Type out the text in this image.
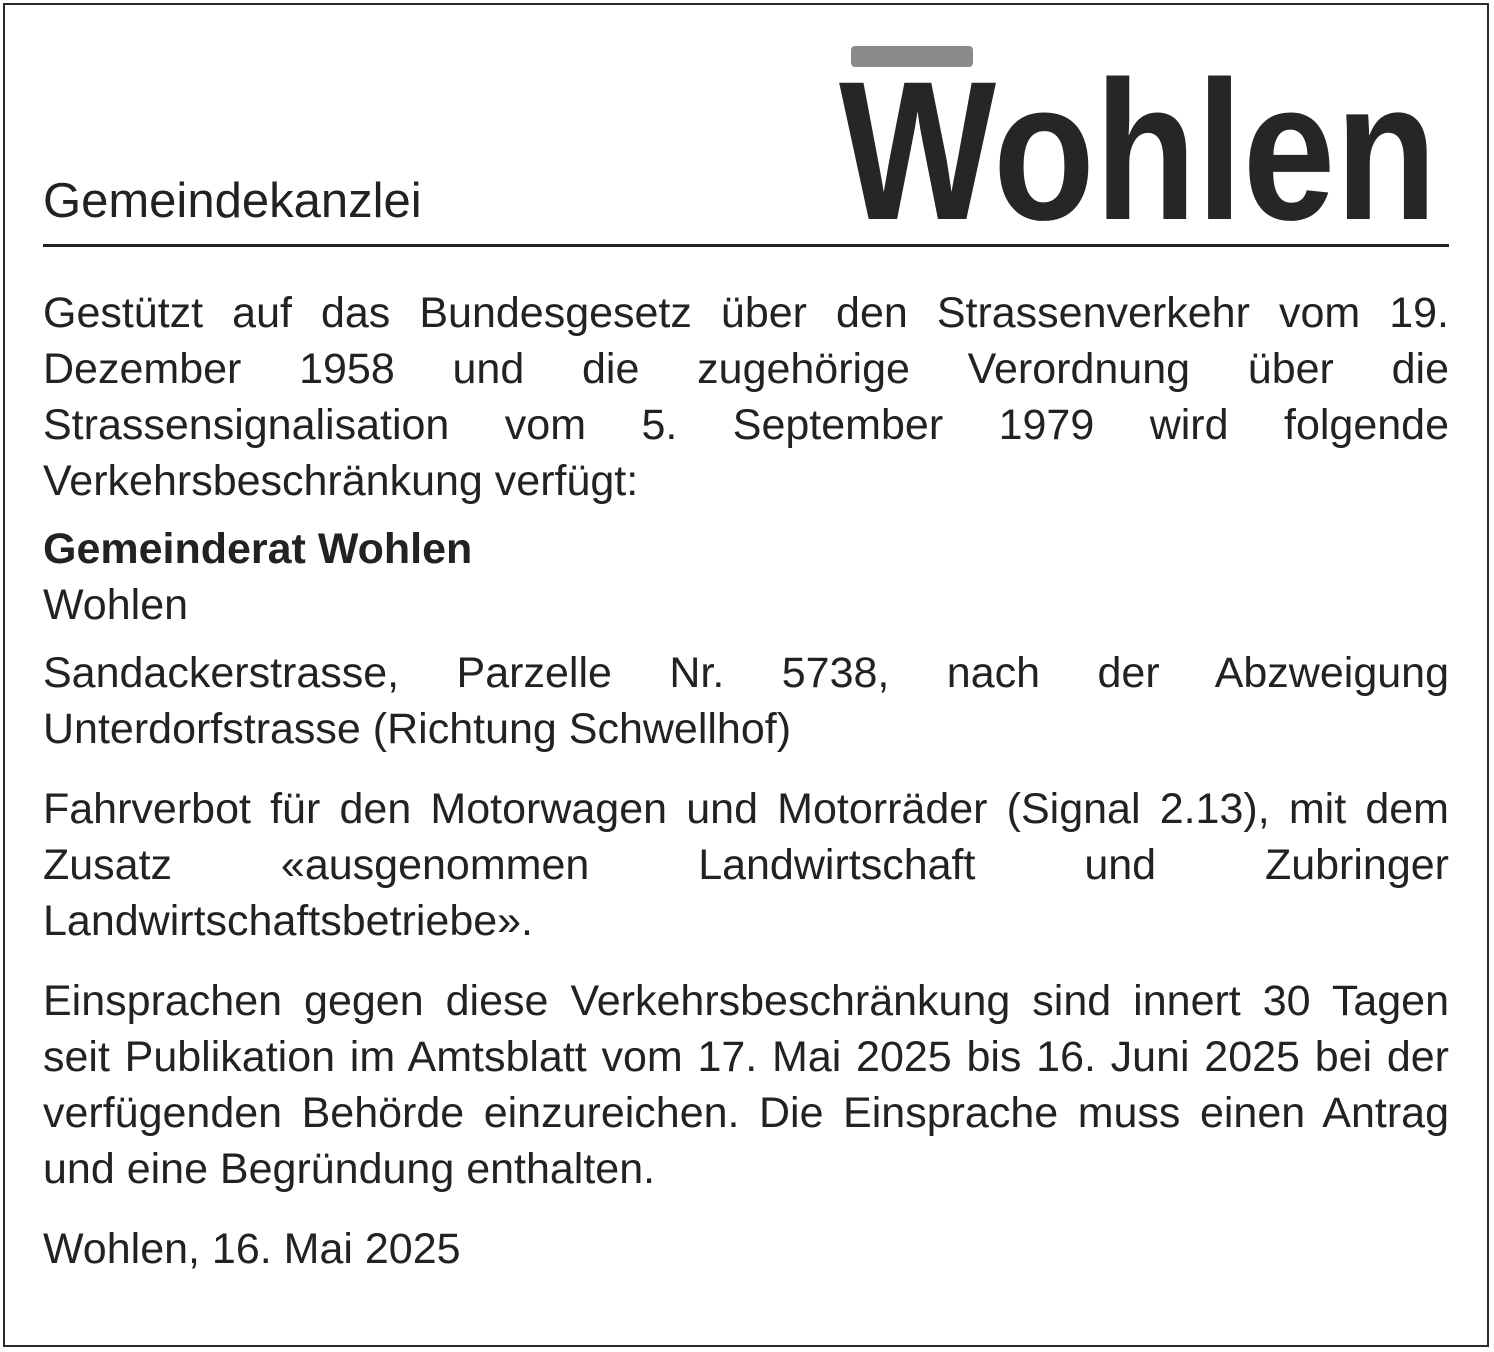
Gemeindekanzlei Wohlen

Gestützt auf das Bundesgesetz über den Strassenverkehr vom 19. Dezember 1958 und die zugehörige Verordnung über die Strassensignalisation vom 5. September 1979 wird folgende Verkehrsbeschränkung verfügt:

Gemeinderat Wohlen

Wohlen

Sandackerstrasse, Parzelle Nr. 5738, nach der Abzweigung Unterdorfstrasse (Richtung Schwellhof)

Fahrverbot für den Motorwagen und Motorräder (Signal 2.13), mit dem Zusatz «ausgenommen Landwirtschaft und Zubringer Landwirtschaftsbetriebe».

Einsprachen gegen diese Verkehrsbeschränkung sind innert 30 Tagen seit Publikation im Amtsblatt vom 17. Mai 2025 bis 16. Juni 2025 bei der verfügenden Behörde einzureichen. Die Einsprache muss einen Antrag und eine Begründung enthalten.

Wohlen, 16. Mai 2025
